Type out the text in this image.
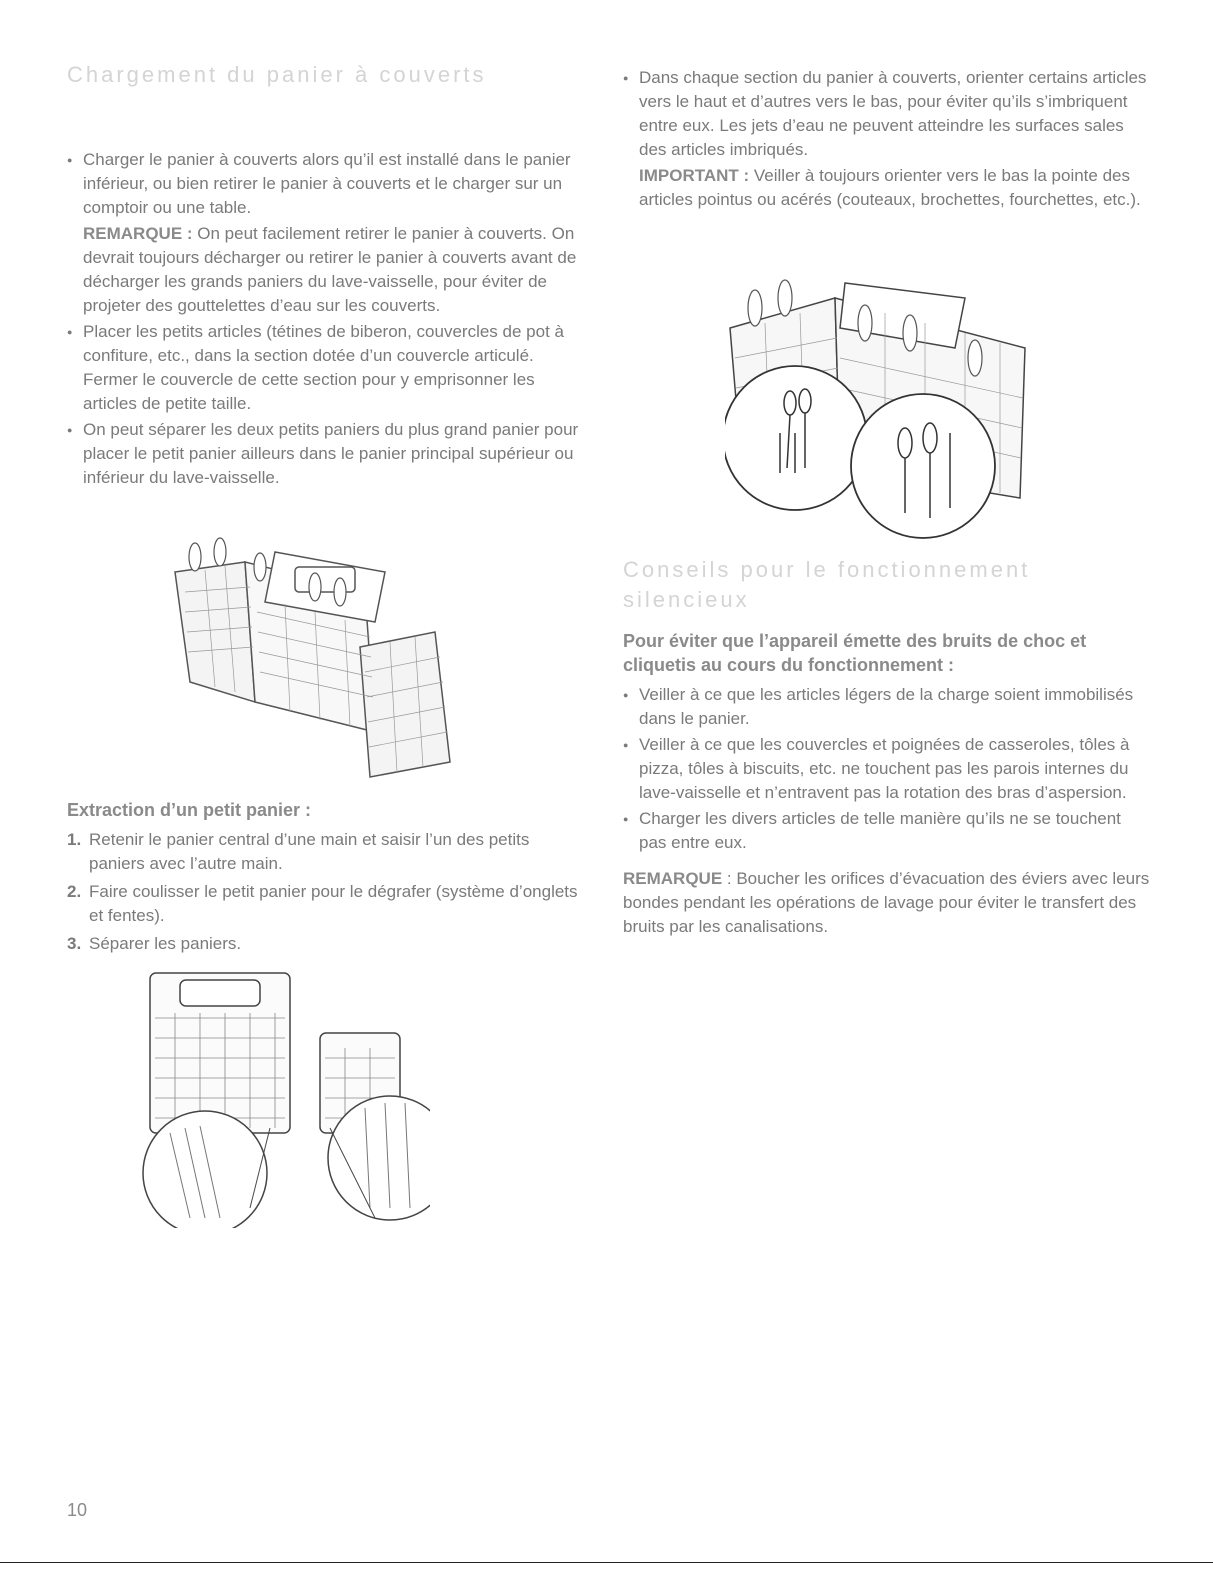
Chargement du panier à couverts

● Charger le panier à couverts alors qu’il est installé dans le panier inférieur, ou bien retirer le panier à couverts et le charger sur un comptoir ou une table.

REMARQUE : On peut facilement retirer le panier à couverts. On devrait toujours décharger ou retirer le panier à couverts avant de décharger les grands paniers du lave-vaisselle, pour éviter de projeter des gouttelettes d’eau sur les couverts.

● Placer les petits articles (tétines de biberon, couvercles de pot à confiture, etc., dans la section dotée d’un couvercle articulé. Fermer le couvercle de cette section pour y emprisonner les articles de petite taille.

● On peut séparer les deux petits paniers du plus grand panier pour placer le petit panier ailleurs dans le panier principal supérieur ou inférieur du lave-vaisselle.

Extraction d’un petit panier :

1. Retenir le panier central d’une main et saisir l’un des petits paniers avec l’autre main.

2. Faire coulisser le petit panier pour le dégrafer (système d’onglets et fentes).

3. Séparer les paniers.

● Dans chaque section du panier à couverts, orienter certains articles vers le haut et d’autres vers le bas, pour éviter qu’ils s’imbriquent entre eux. Les jets d’eau ne peuvent atteindre les surfaces sales des articles imbriqués.

IMPORTANT : Veiller à toujours orienter vers le bas la pointe des articles pointus ou acérés (couteaux, brochettes, fourchettes, etc.).

Conseils pour le fonctionnement silencieux

Pour éviter que l’appareil émette des bruits de choc et cliquetis au cours du fonctionnement :

● Veiller à ce que les articles légers de la charge soient immobilisés dans le panier.

● Veiller à ce que les couvercles et poignées de casseroles, tôles à pizza, tôles à biscuits, etc. ne touchent pas les parois internes du lave-vaisselle et n’entravent pas la rotation des bras d’aspersion.

● Charger les divers articles de telle manière qu’ils ne se touchent pas entre eux.

REMARQUE : Boucher les orifices d’évacuation des éviers avec leurs bondes pendant les opérations de lavage pour éviter le transfert des bruits par les canalisations.

10
